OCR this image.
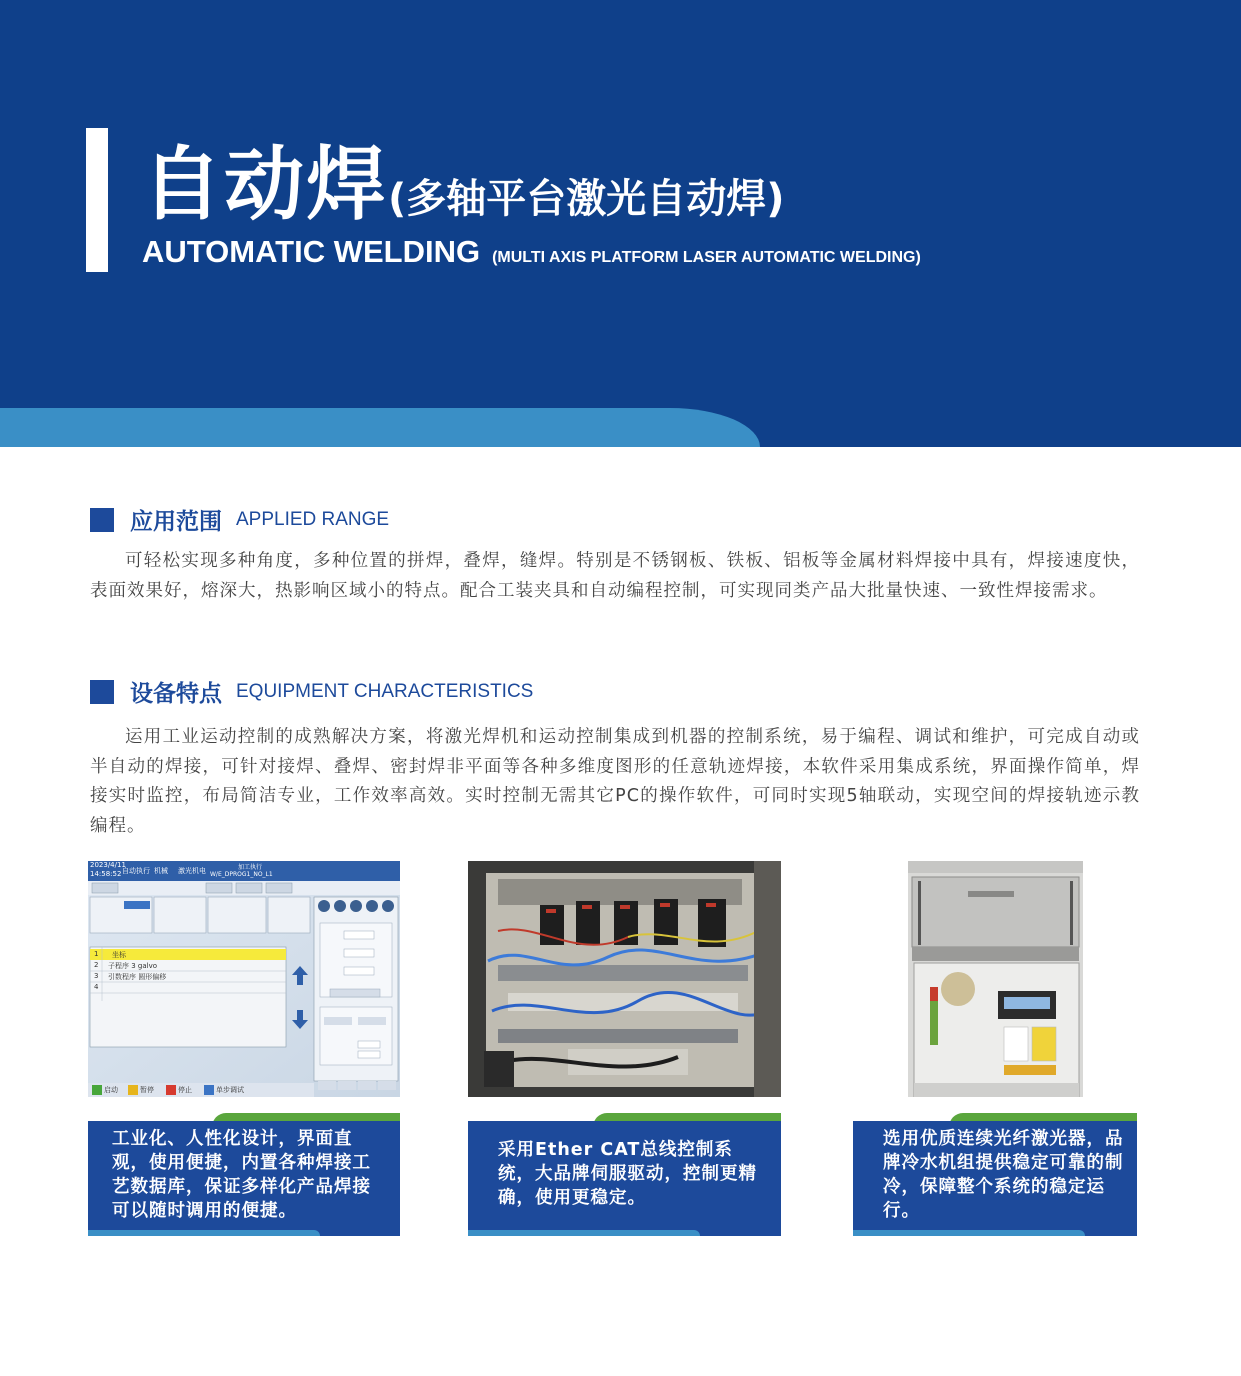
自动焊(多轴平台激光自动焊)
AUTOMATIC WELDING (MULTI AXIS PLATFORM LASER AUTOMATIC WELDING)
应用范围 APPLIED RANGE

可轻松实现多种角度，多种位置的拼焊，叠焊，缝焊。特别是不锈钢板、铁板、铝板等金属材料焊接中具有，焊接速度快，表面效果好，熔深大，热影响区域小的特点。配合工装夹具和自动编程控制，可实现同类产品大批量快速、一致性焊接需求。

设备特点 EQUIPMENT CHARACTERISTICS

运用工业运动控制的成熟解决方案，将激光焊机和运动控制集成到机器的控制系统，易于编程、调试和维护，可完成自动或半自动的焊接，可针对接焊、叠焊、密封焊非平面等各种多维度图形的任意轨迹焊接，本软件采用集成系统，界面操作简单，焊接实时监控，布局简洁专业，工作效率高效。实时控制无需其它PC的操作软件，可同时实现5轴联动，实现空间的焊接轨迹示教编程。

2023/4/11
14:58:52 自动执行 机械 激光机电	加工执行
W/E_DPROG1_NO_L1
1 坐标
2 子程序 3 galvo
3 引数程序 圆形偏移
4
启动	暂停	停止	单步调试

工业化、人性化设计，界面直观，使用便捷，内置各种焊接工艺数据库，保证多样化产品焊接可以随时调用的便捷。

采用Ether CAT总线控制系统，大品牌伺服驱动，控制更精确，使用更稳定。

选用优质连续光纤激光器，品牌冷水机组提供稳定可靠的制冷，保障整个系统的稳定运行。
